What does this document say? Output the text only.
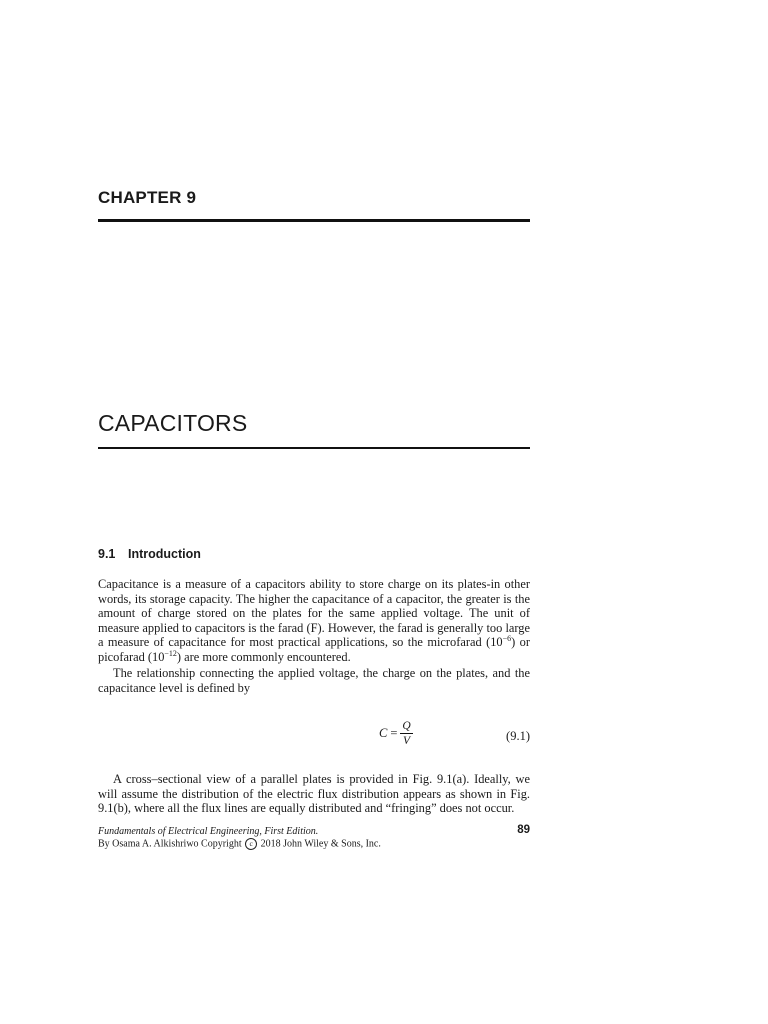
CHAPTER 9
CAPACITORS
9.1 Introduction

Capacitance is a measure of a capacitors ability to store charge on its plates-in other words, its storage capacity. The higher the capacitance of a capacitor, the greater is the amount of charge stored on the plates for the same applied voltage. The unit of measure applied to capacitors is the farad (F). However, the farad is generally too large a measure of capacitance for most practical applications, so the microfarad $(10^{-6})$ or picofarad $(10^{-12})$ are more commonly encountered.

The relationship connecting the applied voltage, the charge on the plates, and the capacitance level is defined by

$C = \frac{Q}{V}$	(9.1)

A cross–sectional view of a parallel plates is provided in Fig. 9.1(a). Ideally, we will assume the distribution of the electric flux distribution appears as shown in Fig. 9.1(b), where all the flux lines are equally distributed and “fringing” does not occur.

Fundamentals of Electrical Engineering, First Edition.	89

By Osama A. Alkishriwo Copyright c 2018 John Wiley & Sons, Inc.
